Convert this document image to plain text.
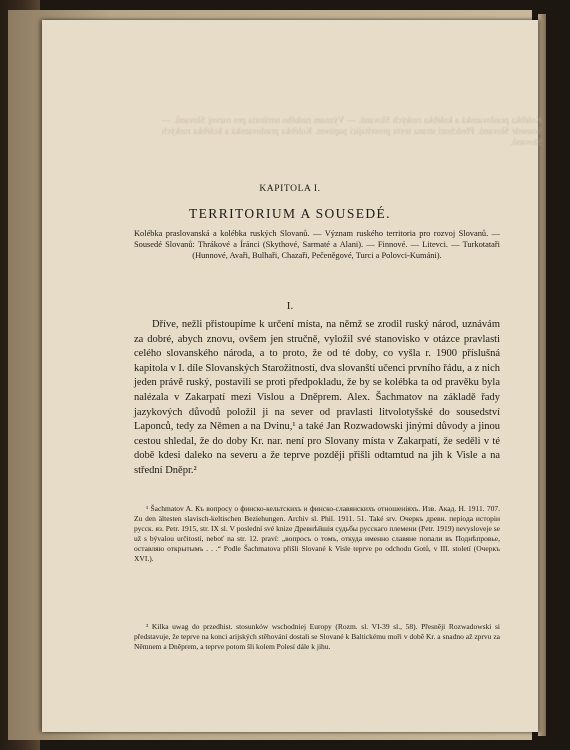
Kolébka praslovanská a kolébka ruských Slovanů. — Význam ruského territoria pro rozvoj Slovanů. — Sousedé Slovanů. Předchozí strana textu prosvítající papírem. Kolébka praslovanská a kolébka ruských Slovanů.
KAPITOLA I.
TERRITORIUM A SOUSEDÉ.
Kolébka praslovanská a kolébka ruských Slovanů. — Význam ruského territoria pro rozvoj Slovanů. — Sousedé Slovanů: Thrákové a Íránci (Skythové, Sarmaté a Alani). — Finnové. — Litevci. — Turkotataři (Hunnové, Avaři, Bulhaři, Chazaři, Pečeněgové, Turci a Polovci-Kumáni).
I.
Dříve, nežli přistoupíme k určení místa, na němž se zrodil ruský národ, uznávám za dobré, abych znovu, ovšem jen stručně, vyložil své stanovisko v otázce pravlasti celého slovanského národa, a to proto, že od té doby, co vyšla r. 1900 příslušná kapitola v I. díle Slovanských Starožitností, dva slovanští učenci prvního řádu, a z nich jeden právě ruský, postavili se proti předpokladu, že by se kolébka ta od pravěku byla nalézala v Zakarpatí mezi Vislou a Dněprem. Alex. Šachmatov na základě řady jazykových důvodů položil ji na sever od pravlasti litvolotyšské do sousedství Laponců, tedy za Němen a na Dvinu,¹ a také Jan Rozwadowski jinými důvody a jinou cestou shledal, že do doby Kr. nar. není pro Slovany místa v Zakarpatí, že seděli v té době kdesi daleko na severu a že teprve později přišli odtamtud na jih k Visle a na střední Dněpr.²
¹ Šachmatov A. Къ вопросу о финско-кельтскихъ и финско-славянскихъ отношеніяхъ. Изв. Акад. Н. 1911. 707. Zu den ältesten slavisch-keltischen Beziehungen. Archiv sl. Phil. 1911. 51. Také srv. Очеркъ древн. періода исторіи русск. яз. Petr. 1915, str. IX sl. V poslední své knize Древнѣйшія судьбы русскаго племени (Petr. 1919) nevysloveje se už s bývalou určitostí, neboť na str. 12. praví: „вопросъ о томъ, откуда именно славяне попали въ Поднѣпровье, оставляю открытымъ . . .“ Podle Šachmatova přišli Slované k Visle teprve po odchodu Gotů, v III. století (Очеркъ XVI.).
² Kilka uwag do przedhist. stosunków wschodniej Europy (Rozm. sl. VI-39 sl., 58). Přesněji Rozwadowski si představuje, že teprve na konci arijských stěhování dostali se Slované k Baltickému moři v době Kr. a snadno až zprvu za Němnem a Dněprem, a teprve potom šli kolem Polesí dále k jihu.
